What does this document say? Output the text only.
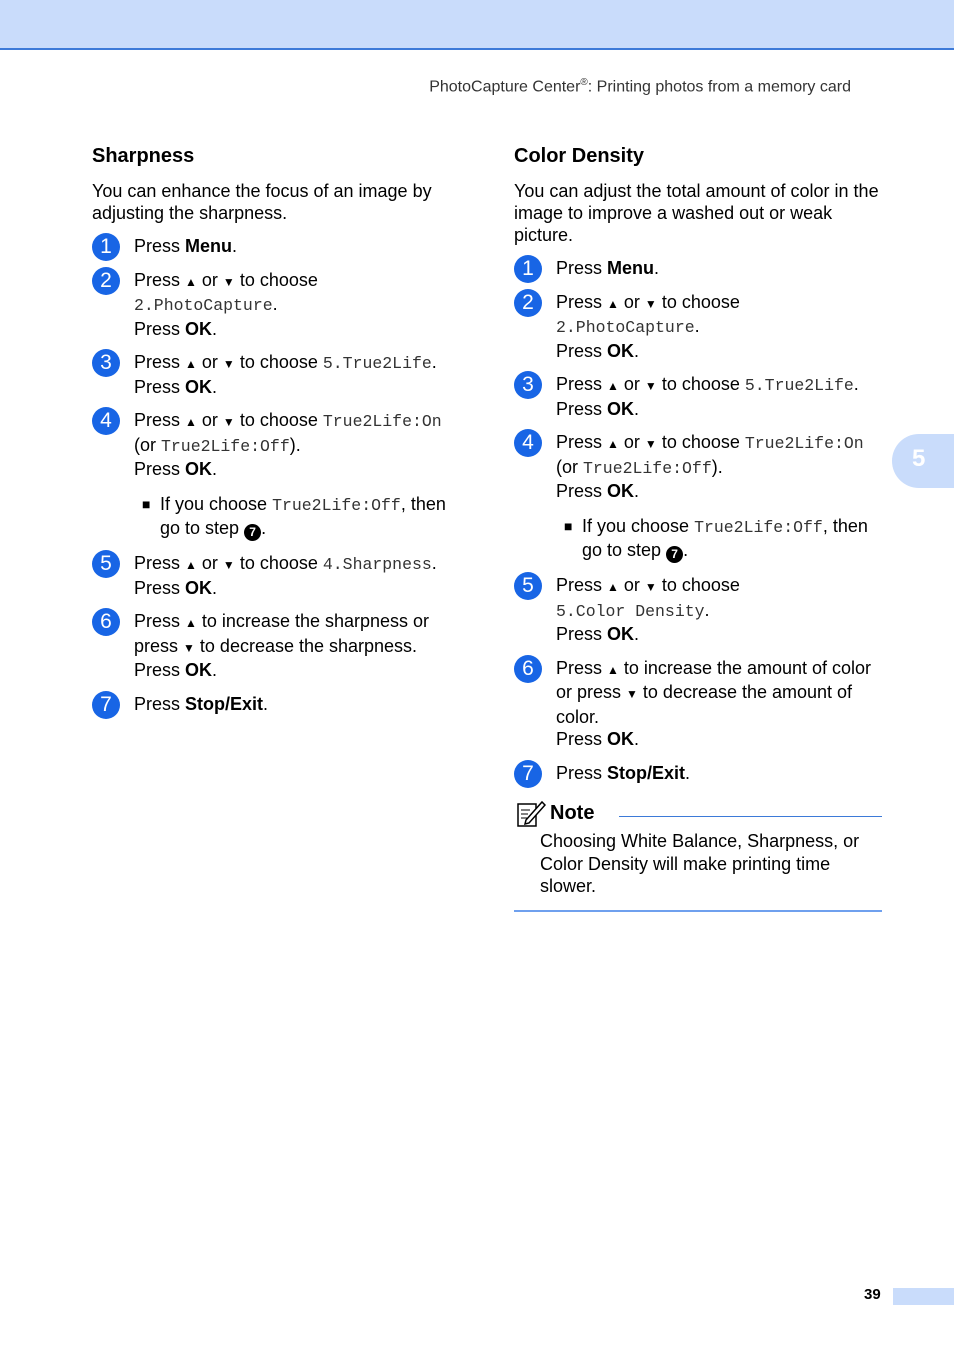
PhotoCapture Center®: Printing photos from a memory card
5
Sharpness

You can enhance the focus of an image by adjusting the sharpness.

1	Press Menu.
2	Press ▲ or ▼ to choose
2.PhotoCapture.
Press OK.
3	Press ▲ or ▼ to choose 5.True2Life.
Press OK.
4	Press ▲ or ▼ to choose True2Life:On
(or True2Life:Off).
Press OK.
■ If you choose True2Life:Off, then go to step 7 .
5	Press ▲ or ▼ to choose 4.Sharpness.
Press OK.
6	Press ▲ to increase the sharpness or press ▼ to decrease the sharpness.
Press OK.
7	Press Stop/Exit.
Color Density

You can adjust the total amount of color in the image to improve a washed out or weak picture.

1	Press Menu.
2	Press ▲ or ▼ to choose
2.PhotoCapture.
Press OK.
3	Press ▲ or ▼ to choose 5.True2Life.
Press OK.
4	Press ▲ or ▼ to choose True2Life:On
(or True2Life:Off).
Press OK.
■ If you choose True2Life:Off, then go to step 7 .
5	Press ▲ or ▼ to choose
5.Color Density.
Press OK.
6	Press ▲ to increase the amount of color or press ▼ to decrease the amount of color.
Press OK.
7	Press Stop/Exit.
Note
Choosing White Balance, Sharpness, or Color Density will make printing time slower.
39
